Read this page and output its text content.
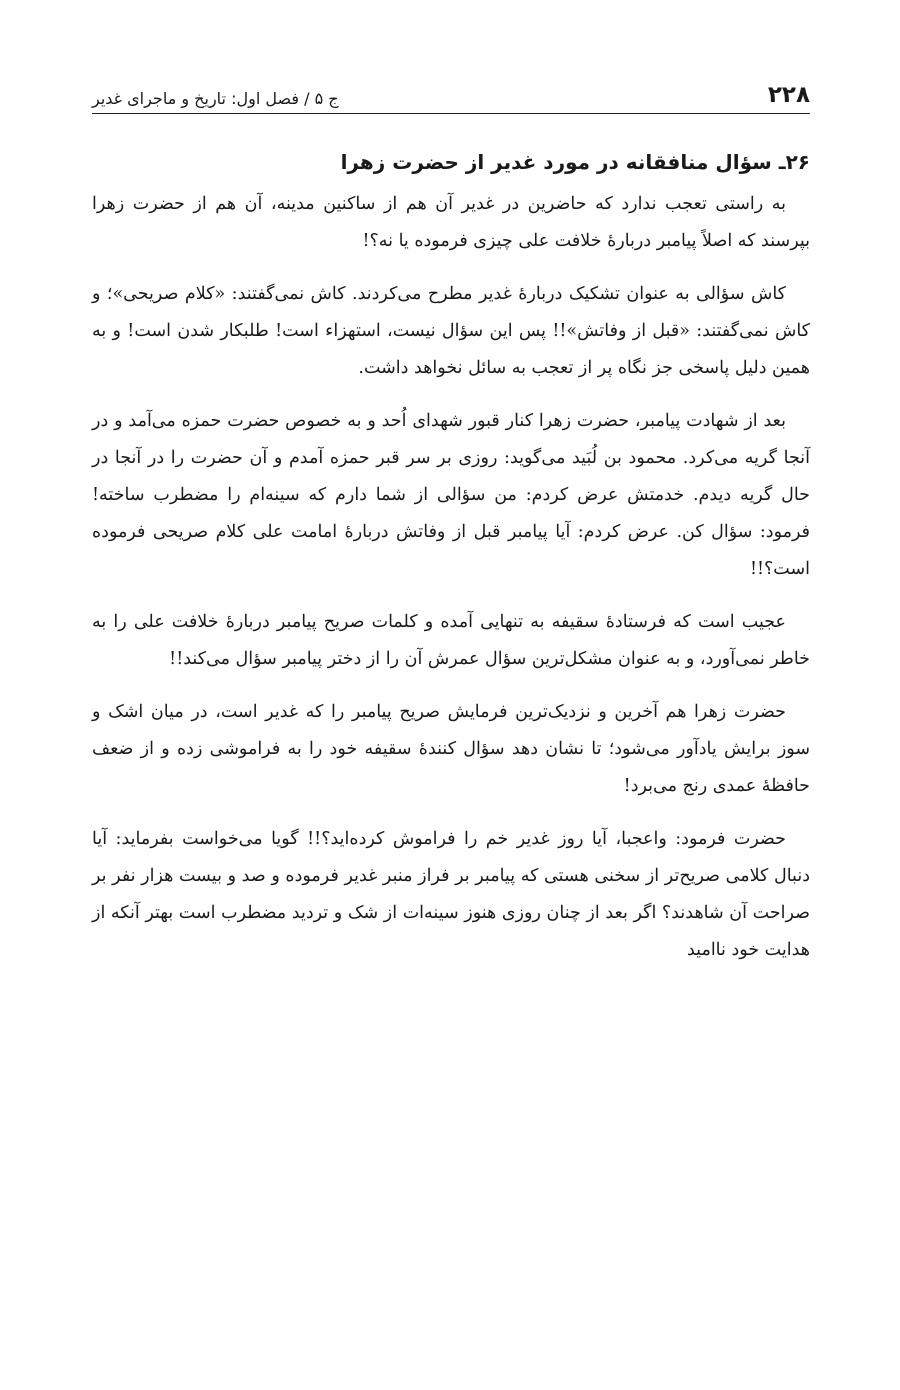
۲۲۸
ج ۵ / فصل اول: تاریخ و ماجرای غدیر
۲۶ـ سؤال منافقانه در مورد غدیر از حضرت زهرا

به راستی تعجب ندارد که حاضرین در غدیر آن هم از ساکنین مدینه، آن هم از حضرت زهرا بپرسند که اصلاً پیامبر دربارهٔ خلافت علی چیزی فرموده یا نه؟!

کاش سؤالی به عنوان تشکیک دربارهٔ غدیر مطرح می‌کردند. کاش نمی‌گفتند: «کلام صریحی»؛ و کاش نمی‌گفتند: «قبل از وفاتش»!! پس این سؤال نیست، استهزاء است! طلبکار شدن است! و به همین دلیل پاسخی جز نگاه پر از تعجب به سائل نخواهد داشت.

بعد از شهادت پیامبر، حضرت زهرا کنار قبور شهدای اُحد و به خصوص حضرت حمزه می‌آمد و در آنجا گریه می‌کرد. محمود بن لُبَید می‌گوید: روزی بر سر قبر حمزه آمدم و آن حضرت را در آنجا در حال گریه دیدم. خدمتش عرض کردم: من سؤالی از شما دارم که سینه‌ام را مضطرب ساخته! فرمود: سؤال کن. عرض کردم: آیا پیامبر قبل از وفاتش دربارهٔ امامت علی کلام صریحی فرموده است؟!!

عجیب است که فرستادهٔ سقیفه به تنهایی آمده و کلمات صریح پیامبر دربارهٔ خلافت علی را به خاطر نمی‌آورد، و به عنوان مشکل‌ترین سؤال عمرش آن را از دختر پیامبر سؤال می‌کند!!

حضرت زهرا هم آخرین و نزدیک‌ترین فرمایش صریح پیامبر را که غدیر است، در میان اشک و سوز برایش یادآور می‌شود؛ تا نشان دهد سؤال کنندهٔ سقیفه خود را به فراموشی زده و از ضعف حافظهٔ عمدی رنج می‌برد!

حضرت فرمود: واعجبا، آیا روز غدیر خم را فراموش کرده‌اید؟!! گویا می‌خواست بفرماید: آیا دنبال کلامی صریح‌تر از سخنی هستی که پیامبر بر فراز منبر غدیر فرموده و صد و بیست هزار نفر بر صراحت آن شاهدند؟ اگر بعد از چنان روزی هنوز سینه‌ات از شک و تردید مضطرب است بهتر آنکه از هدایت خود ناامید
